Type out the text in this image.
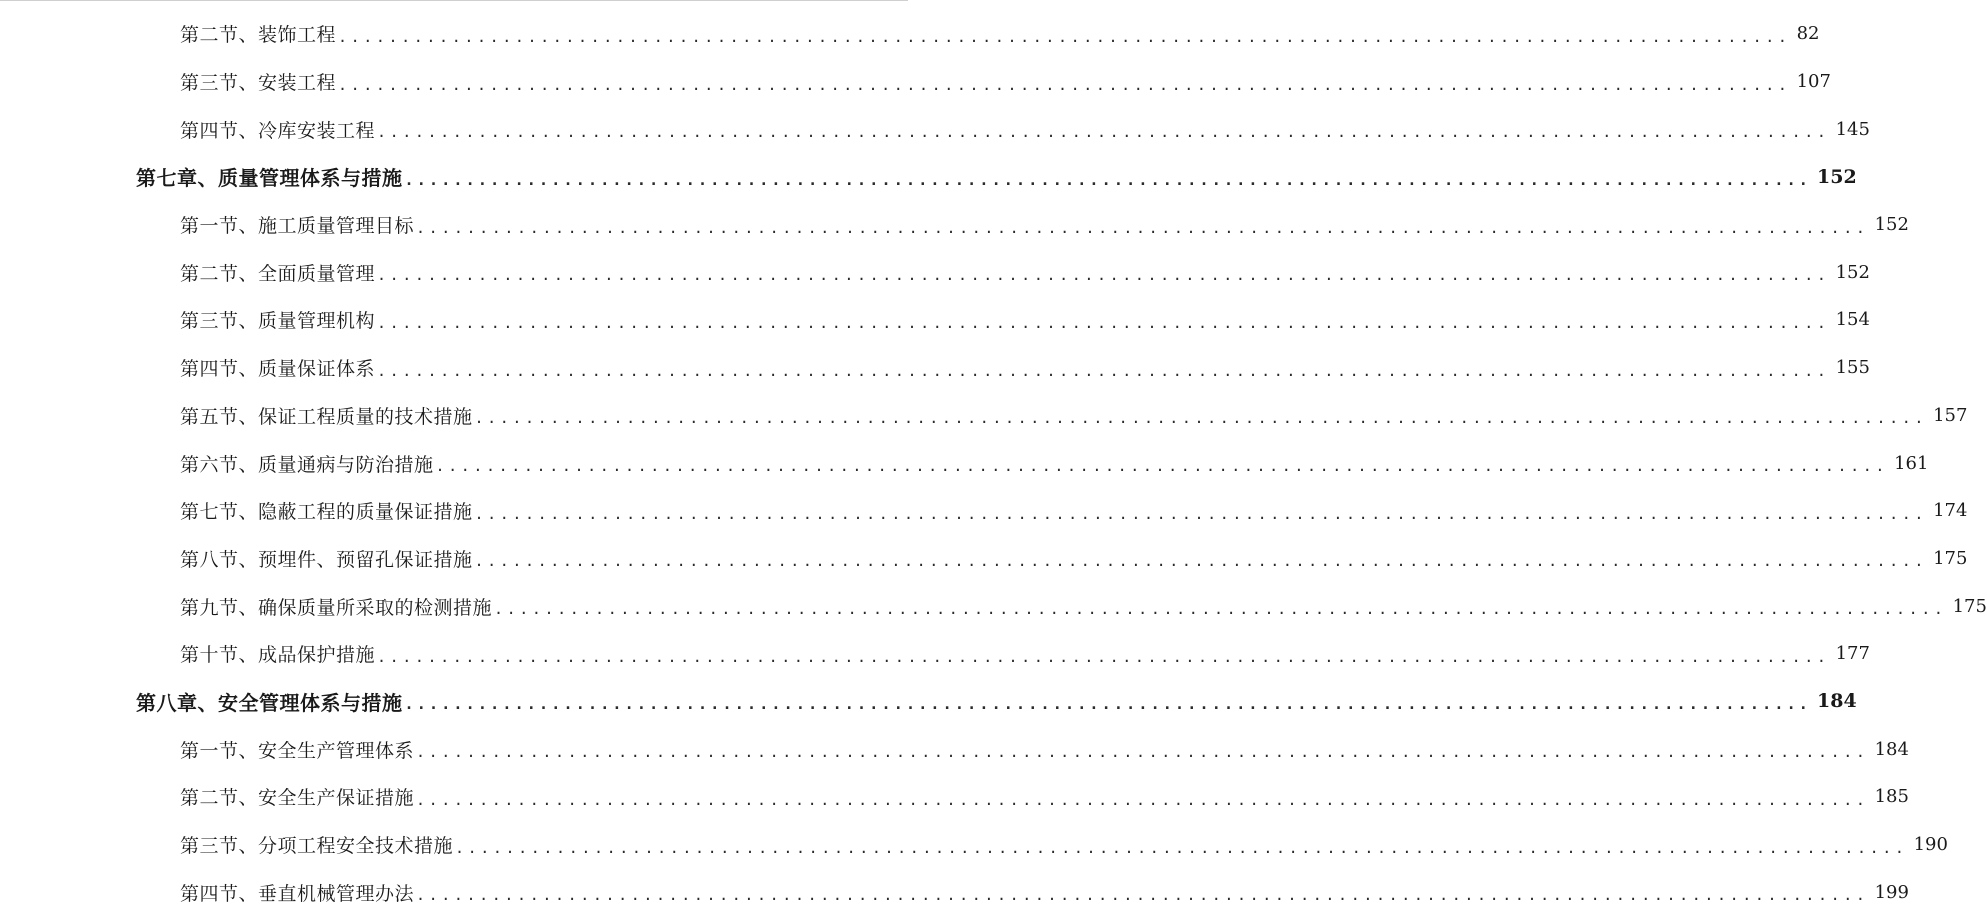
第二节、装饰工程 ................................................................................................................... 82
第三节、安装工程 ................................................................................................................... 107
第四节、冷库安装工程 ................................................................................................................... 145
第七章、质量管理体系与措施 ................................................................................................................... 152
第一节、施工质量管理目标 ................................................................................................................... 152
第二节、全面质量管理 ................................................................................................................... 152
第三节、质量管理机构 ................................................................................................................... 154
第四节、质量保证体系 ................................................................................................................... 155
第五节、保证工程质量的技术措施 ................................................................................................................... 157
第六节、质量通病与防治措施 ................................................................................................................... 161
第七节、隐蔽工程的质量保证措施 ................................................................................................................... 174
第八节、预埋件、预留孔保证措施 ................................................................................................................... 175
第九节、确保质量所采取的检测措施 ................................................................................................................... 175
第十节、成品保护措施 ................................................................................................................... 177
第八章、安全管理体系与措施 ................................................................................................................... 184
第一节、安全生产管理体系 ................................................................................................................... 184
第二节、安全生产保证措施 ................................................................................................................... 185
第三节、分项工程安全技术措施 ................................................................................................................... 190
第四节、垂直机械管理办法 ................................................................................................................... 199
